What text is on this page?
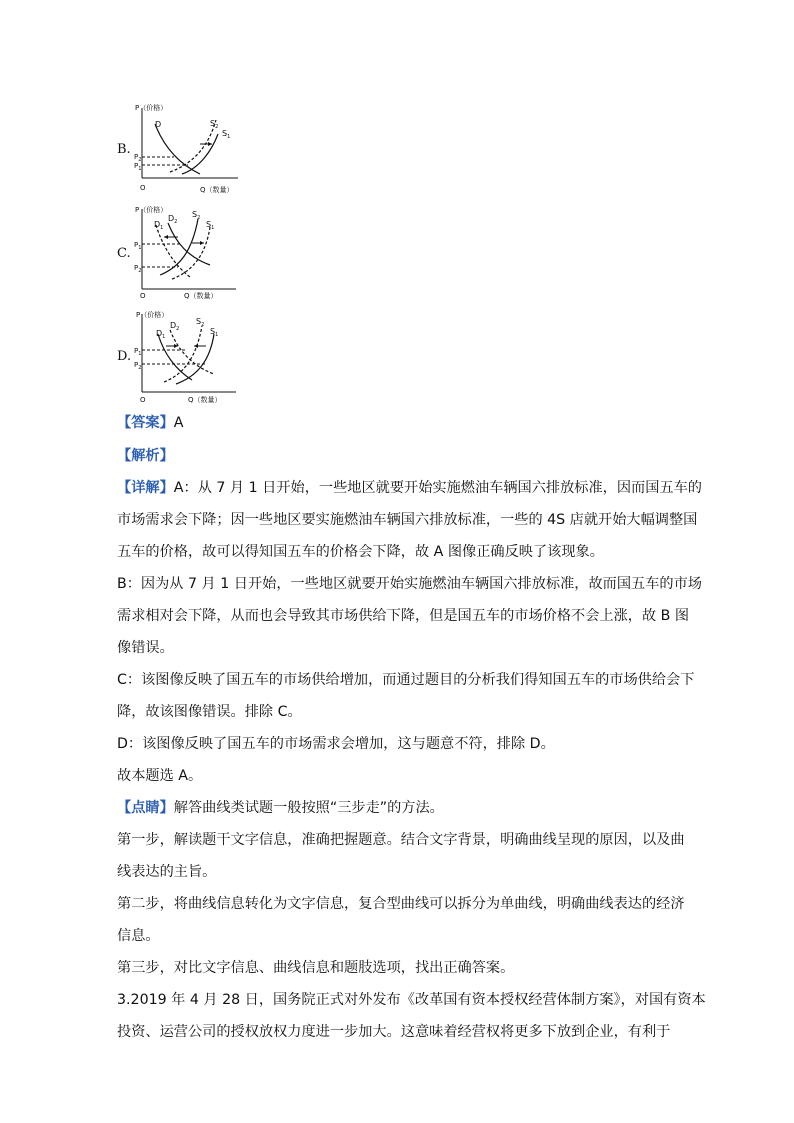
B.
P（价格）
Q（数量）
O
D	$S_2$
$S_1$
$P_2$
$P_1$
C.
P（价格）
Q（数量）
O
$D_1$
$D_2$
$S_2$
$S_1$
$P_1$
$P_2$
D.
P（价格）
Q（数量）
O
$D_1$
$D_2$
$S_2$
$S_1$
$P_1$
$P_2$
【答案】A
【解析】
【详解】A：从 7 月 1 日开始，一些地区就要开始实施燃油车辆国六排放标准，因而国五车的
市场需求会下降；因一些地区要实施燃油车辆国六排放标准，一些的 4S 店就开始大幅调整国
五车的价格，故可以得知国五车的价格会下降，故 A 图像正确反映了该现象。
B：因为从 7 月 1 日开始，一些地区就要开始实施燃油车辆国六排放标准，故而国五车的市场
需求相对会下降，从而也会导致其市场供给下降，但是国五车的市场价格不会上涨，故 B 图
像错误。
C：该图像反映了国五车的市场供给增加，而通过题目的分析我们得知国五车的市场供给会下
降，故该图像错误。排除 C。
D：该图像反映了国五车的市场需求会增加，这与题意不符，排除 D。
故本题选 A。
【点睛】解答曲线类试题一般按照“三步走”的方法。
第一步，解读题干文字信息，准确把握题意。结合文字背景，明确曲线呈现的原因，以及曲
线表达的主旨。
第二步，将曲线信息转化为文字信息，复合型曲线可以拆分为单曲线，明确曲线表达的经济
信息。
第三步，对比文字信息、曲线信息和题肢选项，找出正确答案。
3.2019 年 4 月 28 日，国务院正式对外发布《改革国有资本授权经营体制方案》，对国有资本
投资、运营公司的授权放权力度进一步加大。这意味着经营权将更多下放到企业，有利于
